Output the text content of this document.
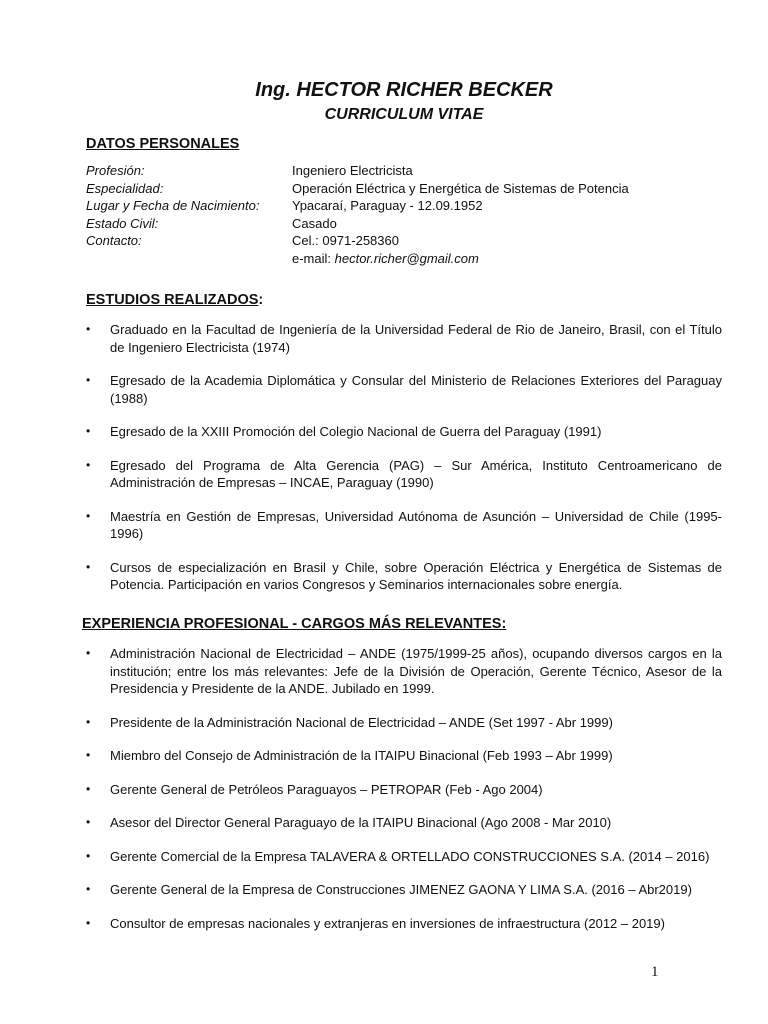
Ing. HECTOR RICHER BECKER
CURRICULUM VITAE
DATOS PERSONALES
Profesión:	Ingeniero Electricista
Especialidad:	Operación Eléctrica y Energética de Sistemas de Potencia
Lugar y Fecha de Nacimiento:	Ypacaraí, Paraguay - 12.09.1952
Estado Civil:	Casado
Contacto:	Cel.: 0971-258360
e-mail: hector.richer@gmail.com
ESTUDIOS REALIZADOS:
• Graduado en la Facultad de Ingeniería de la Universidad Federal de Rio de Janeiro, Brasil, con el Título de Ingeniero Electricista (1974)
• Egresado de la Academia Diplomática y Consular del Ministerio de Relaciones Exteriores del Paraguay (1988)
• Egresado de la XXIII Promoción del Colegio Nacional de Guerra del Paraguay (1991)
• Egresado del Programa de Alta Gerencia (PAG) – Sur América, Instituto Centroamericano de Administración de Empresas – INCAE, Paraguay (1990)
• Maestría en Gestión de Empresas, Universidad Autónoma de Asunción – Universidad de Chile (1995-1996)
• Cursos de especialización en Brasil y Chile, sobre Operación Eléctrica y Energética de Sistemas de Potencia. Participación en varios Congresos y Seminarios internacionales sobre energía.
EXPERIENCIA PROFESIONAL - CARGOS MÁS RELEVANTES:
• Administración Nacional de Electricidad – ANDE (1975/1999-25 años), ocupando diversos cargos en la institución; entre los más relevantes: Jefe de la División de Operación, Gerente Técnico, Asesor de la Presidencia y Presidente de la ANDE. Jubilado en 1999.
• Presidente de la Administración Nacional de Electricidad – ANDE (Set 1997 - Abr 1999)
• Miembro del Consejo de Administración de la ITAIPU Binacional (Feb 1993 – Abr 1999)
• Gerente General de Petróleos Paraguayos – PETROPAR (Feb - Ago 2004)
• Asesor del Director General Paraguayo de la ITAIPU Binacional (Ago 2008 - Mar 2010)
• Gerente Comercial de la Empresa TALAVERA & ORTELLADO CONSTRUCCIONES S.A. (2014 – 2016)
• Gerente General de la Empresa de Construcciones JIMENEZ GAONA Y LIMA S.A. (2016 – Abr2019)
• Consultor de empresas nacionales y extranjeras en inversiones de infraestructura (2012 – 2019)
1
